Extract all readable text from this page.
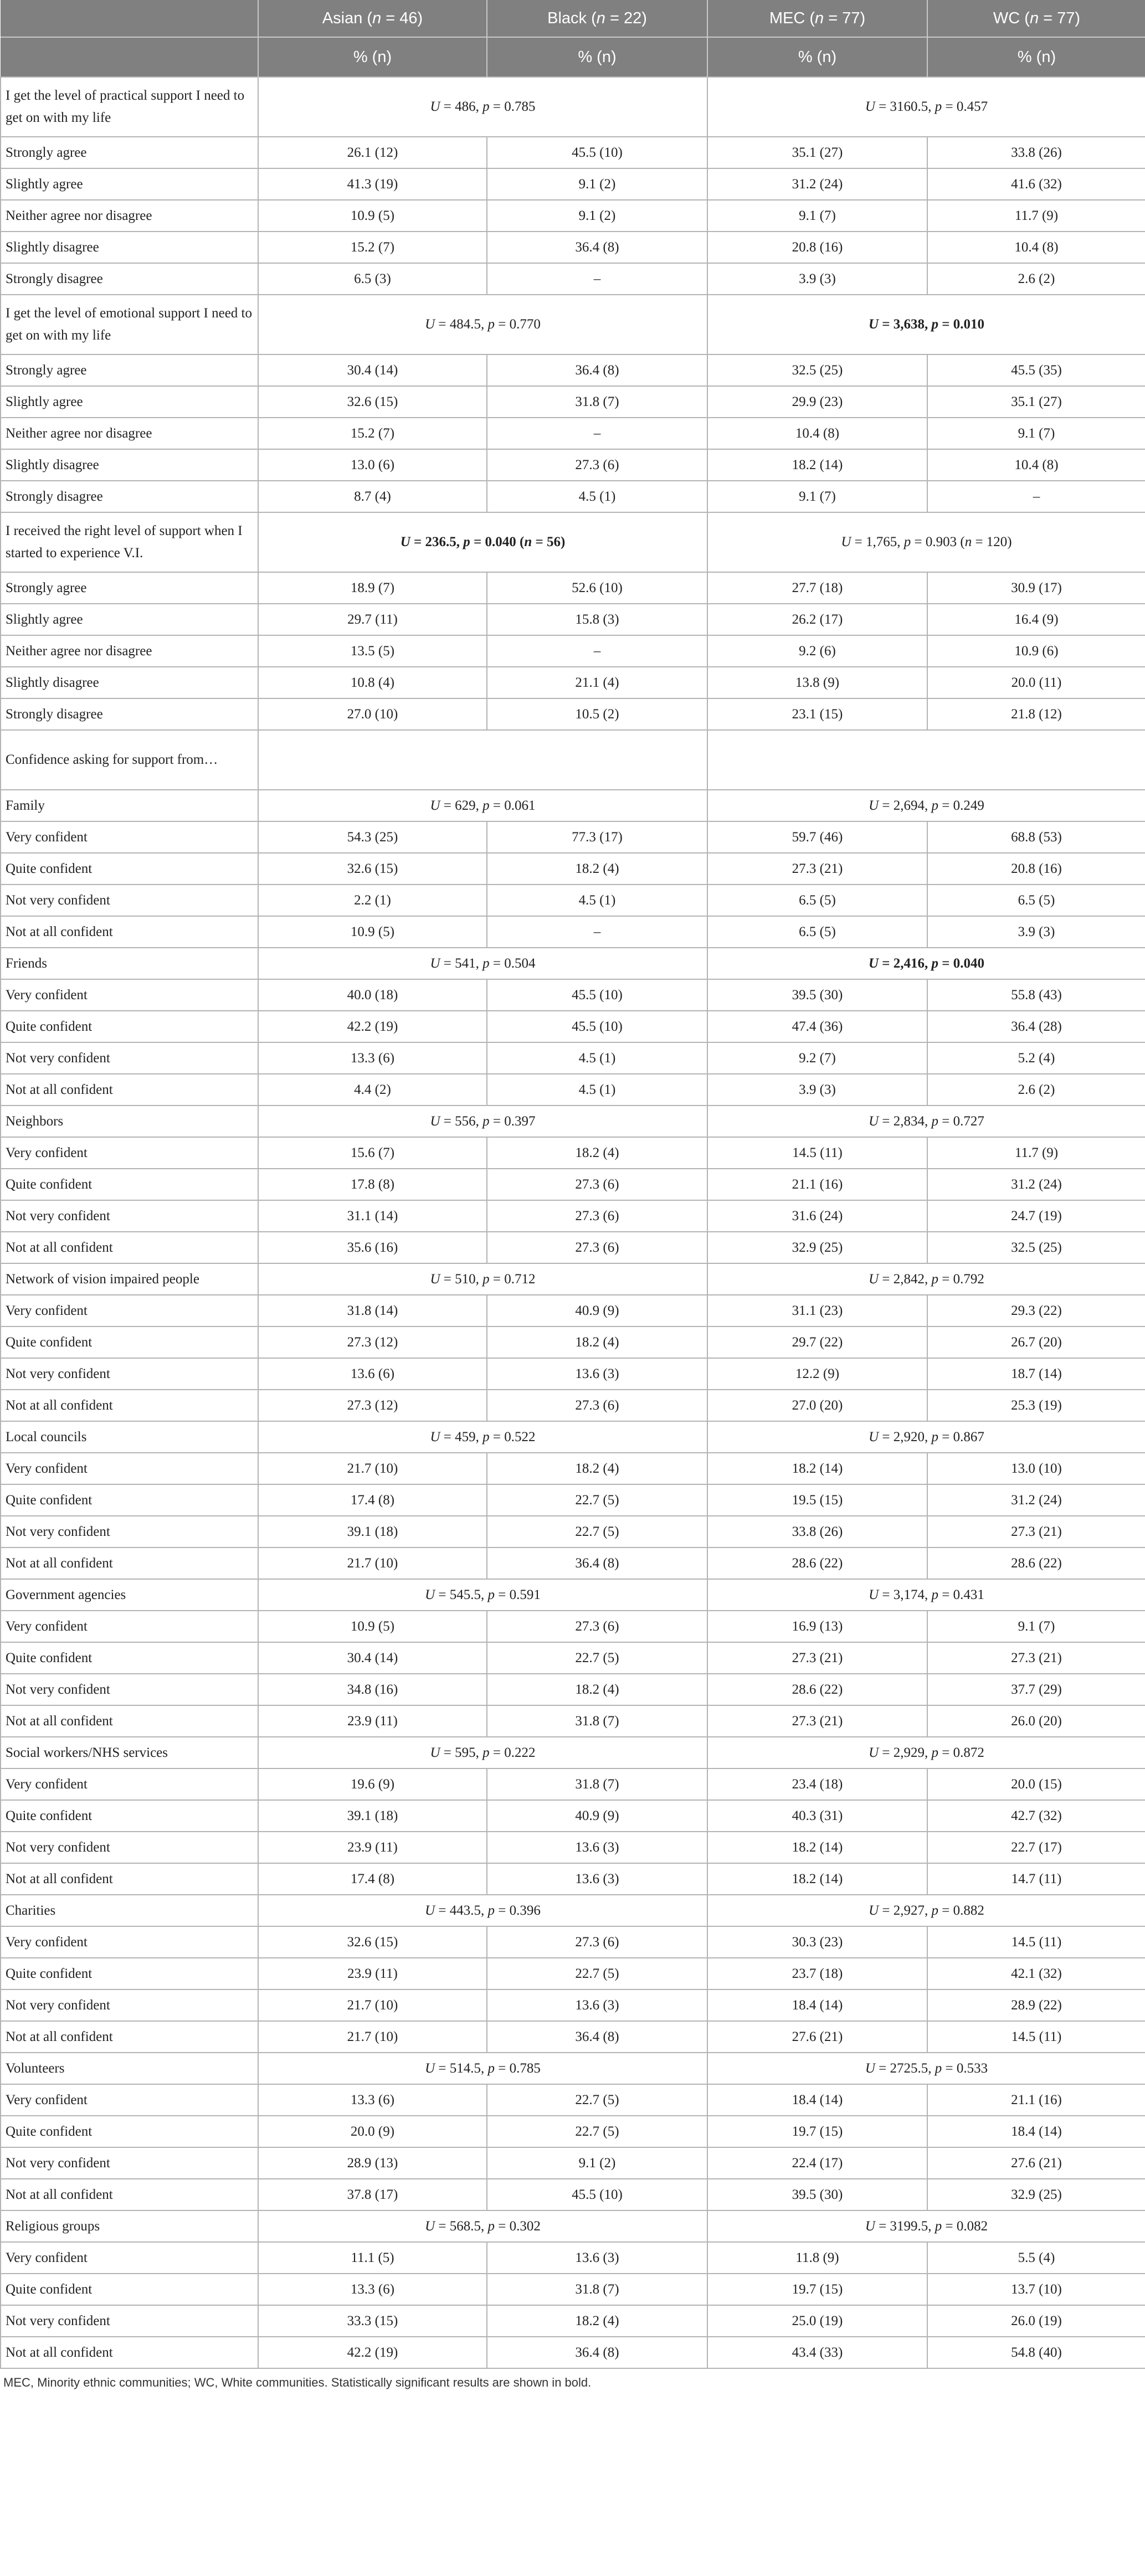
	Asian (n = 46)	Black (n = 22)	MEC (n = 77)	WC (n = 77)
	% (n)	% (n)	% (n)	% (n)
I get the level of practical support I need to get on with my life	U = 486, p = 0.785		U = 3160.5, p = 0.457	
Strongly agree	26.1 (12)	45.5 (10)	35.1 (27)	33.8 (26)
Slightly agree	41.3 (19)	9.1 (2)	31.2 (24)	41.6 (32)
Neither agree nor disagree	10.9 (5)	9.1 (2)	9.1 (7)	11.7 (9)
Slightly disagree	15.2 (7)	36.4 (8)	20.8 (16)	10.4 (8)
Strongly disagree	6.5 (3)	–	3.9 (3)	2.6 (2)
I get the level of emotional support I need to get on with my life	U = 484.5, p = 0.770		U = 3,638, p = 0.010	
Strongly agree	30.4 (14)	36.4 (8)	32.5 (25)	45.5 (35)
Slightly agree	32.6 (15)	31.8 (7)	29.9 (23)	35.1 (27)
Neither agree nor disagree	15.2 (7)	–	10.4 (8)	9.1 (7)
Slightly disagree	13.0 (6)	27.3 (6)	18.2 (14)	10.4 (8)
Strongly disagree	8.7 (4)	4.5 (1)	9.1 (7)	–
I received the right level of support when I started to experience V.I.	U = 236.5, p = 0.040 (n = 56)		U = 1,765, p = 0.903 (n = 120)	
Strongly agree	18.9 (7)	52.6 (10)	27.7 (18)	30.9 (17)
Slightly agree	29.7 (11)	15.8 (3)	26.2 (17)	16.4 (9)
Neither agree nor disagree	13.5 (5)	–	9.2 (6)	10.9 (6)
Slightly disagree	10.8 (4)	21.1 (4)	13.8 (9)	20.0 (11)
Strongly disagree	27.0 (10)	10.5 (2)	23.1 (15)	21.8 (12)
Confidence asking for support from…				
Family	U = 629, p = 0.061		U = 2,694, p = 0.249	
Very confident	54.3 (25)	77.3 (17)	59.7 (46)	68.8 (53)
Quite confident	32.6 (15)	18.2 (4)	27.3 (21)	20.8 (16)
Not very confident	2.2 (1)	4.5 (1)	6.5 (5)	6.5 (5)
Not at all confident	10.9 (5)	–	6.5 (5)	3.9 (3)
Friends	U = 541, p = 0.504		U = 2,416, p = 0.040	
Very confident	40.0 (18)	45.5 (10)	39.5 (30)	55.8 (43)
Quite confident	42.2 (19)	45.5 (10)	47.4 (36)	36.4 (28)
Not very confident	13.3 (6)	4.5 (1)	9.2 (7)	5.2 (4)
Not at all confident	4.4 (2)	4.5 (1)	3.9 (3)	2.6 (2)
Neighbors	U = 556, p = 0.397		U = 2,834, p = 0.727	
Very confident	15.6 (7)	18.2 (4)	14.5 (11)	11.7 (9)
Quite confident	17.8 (8)	27.3 (6)	21.1 (16)	31.2 (24)
Not very confident	31.1 (14)	27.3 (6)	31.6 (24)	24.7 (19)
Not at all confident	35.6 (16)	27.3 (6)	32.9 (25)	32.5 (25)
Network of vision impaired people	U = 510, p = 0.712		U = 2,842, p = 0.792	
Very confident	31.8 (14)	40.9 (9)	31.1 (23)	29.3 (22)
Quite confident	27.3 (12)	18.2 (4)	29.7 (22)	26.7 (20)
Not very confident	13.6 (6)	13.6 (3)	12.2 (9)	18.7 (14)
Not at all confident	27.3 (12)	27.3 (6)	27.0 (20)	25.3 (19)
Local councils	U = 459, p = 0.522		U = 2,920, p = 0.867	
Very confident	21.7 (10)	18.2 (4)	18.2 (14)	13.0 (10)
Quite confident	17.4 (8)	22.7 (5)	19.5 (15)	31.2 (24)
Not very confident	39.1 (18)	22.7 (5)	33.8 (26)	27.3 (21)
Not at all confident	21.7 (10)	36.4 (8)	28.6 (22)	28.6 (22)
Government agencies	U = 545.5, p = 0.591		U = 3,174, p = 0.431	
Very confident	10.9 (5)	27.3 (6)	16.9 (13)	9.1 (7)
Quite confident	30.4 (14)	22.7 (5)	27.3 (21)	27.3 (21)
Not very confident	34.8 (16)	18.2 (4)	28.6 (22)	37.7 (29)
Not at all confident	23.9 (11)	31.8 (7)	27.3 (21)	26.0 (20)
Social workers/NHS services	U = 595, p = 0.222		U = 2,929, p = 0.872	
Very confident	19.6 (9)	31.8 (7)	23.4 (18)	20.0 (15)
Quite confident	39.1 (18)	40.9 (9)	40.3 (31)	42.7 (32)
Not very confident	23.9 (11)	13.6 (3)	18.2 (14)	22.7 (17)
Not at all confident	17.4 (8)	13.6 (3)	18.2 (14)	14.7 (11)
Charities	U = 443.5, p = 0.396		U = 2,927, p = 0.882	
Very confident	32.6 (15)	27.3 (6)	30.3 (23)	14.5 (11)
Quite confident	23.9 (11)	22.7 (5)	23.7 (18)	42.1 (32)
Not very confident	21.7 (10)	13.6 (3)	18.4 (14)	28.9 (22)
Not at all confident	21.7 (10)	36.4 (8)	27.6 (21)	14.5 (11)
Volunteers	U = 514.5, p = 0.785		U = 2725.5, p = 0.533	
Very confident	13.3 (6)	22.7 (5)	18.4 (14)	21.1 (16)
Quite confident	20.0 (9)	22.7 (5)	19.7 (15)	18.4 (14)
Not very confident	28.9 (13)	9.1 (2)	22.4 (17)	27.6 (21)
Not at all confident	37.8 (17)	45.5 (10)	39.5 (30)	32.9 (25)
Religious groups	U = 568.5, p = 0.302		U = 3199.5, p = 0.082	
Very confident	11.1 (5)	13.6 (3)	11.8 (9)	5.5 (4)
Quite confident	13.3 (6)	31.8 (7)	19.7 (15)	13.7 (10)
Not very confident	33.3 (15)	18.2 (4)	25.0 (19)	26.0 (19)
Not at all confident	42.2 (19)	36.4 (8)	43.4 (33)	54.8 (40)
MEC, Minority ethnic communities; WC, White communities. Statistically significant results are shown in bold.
